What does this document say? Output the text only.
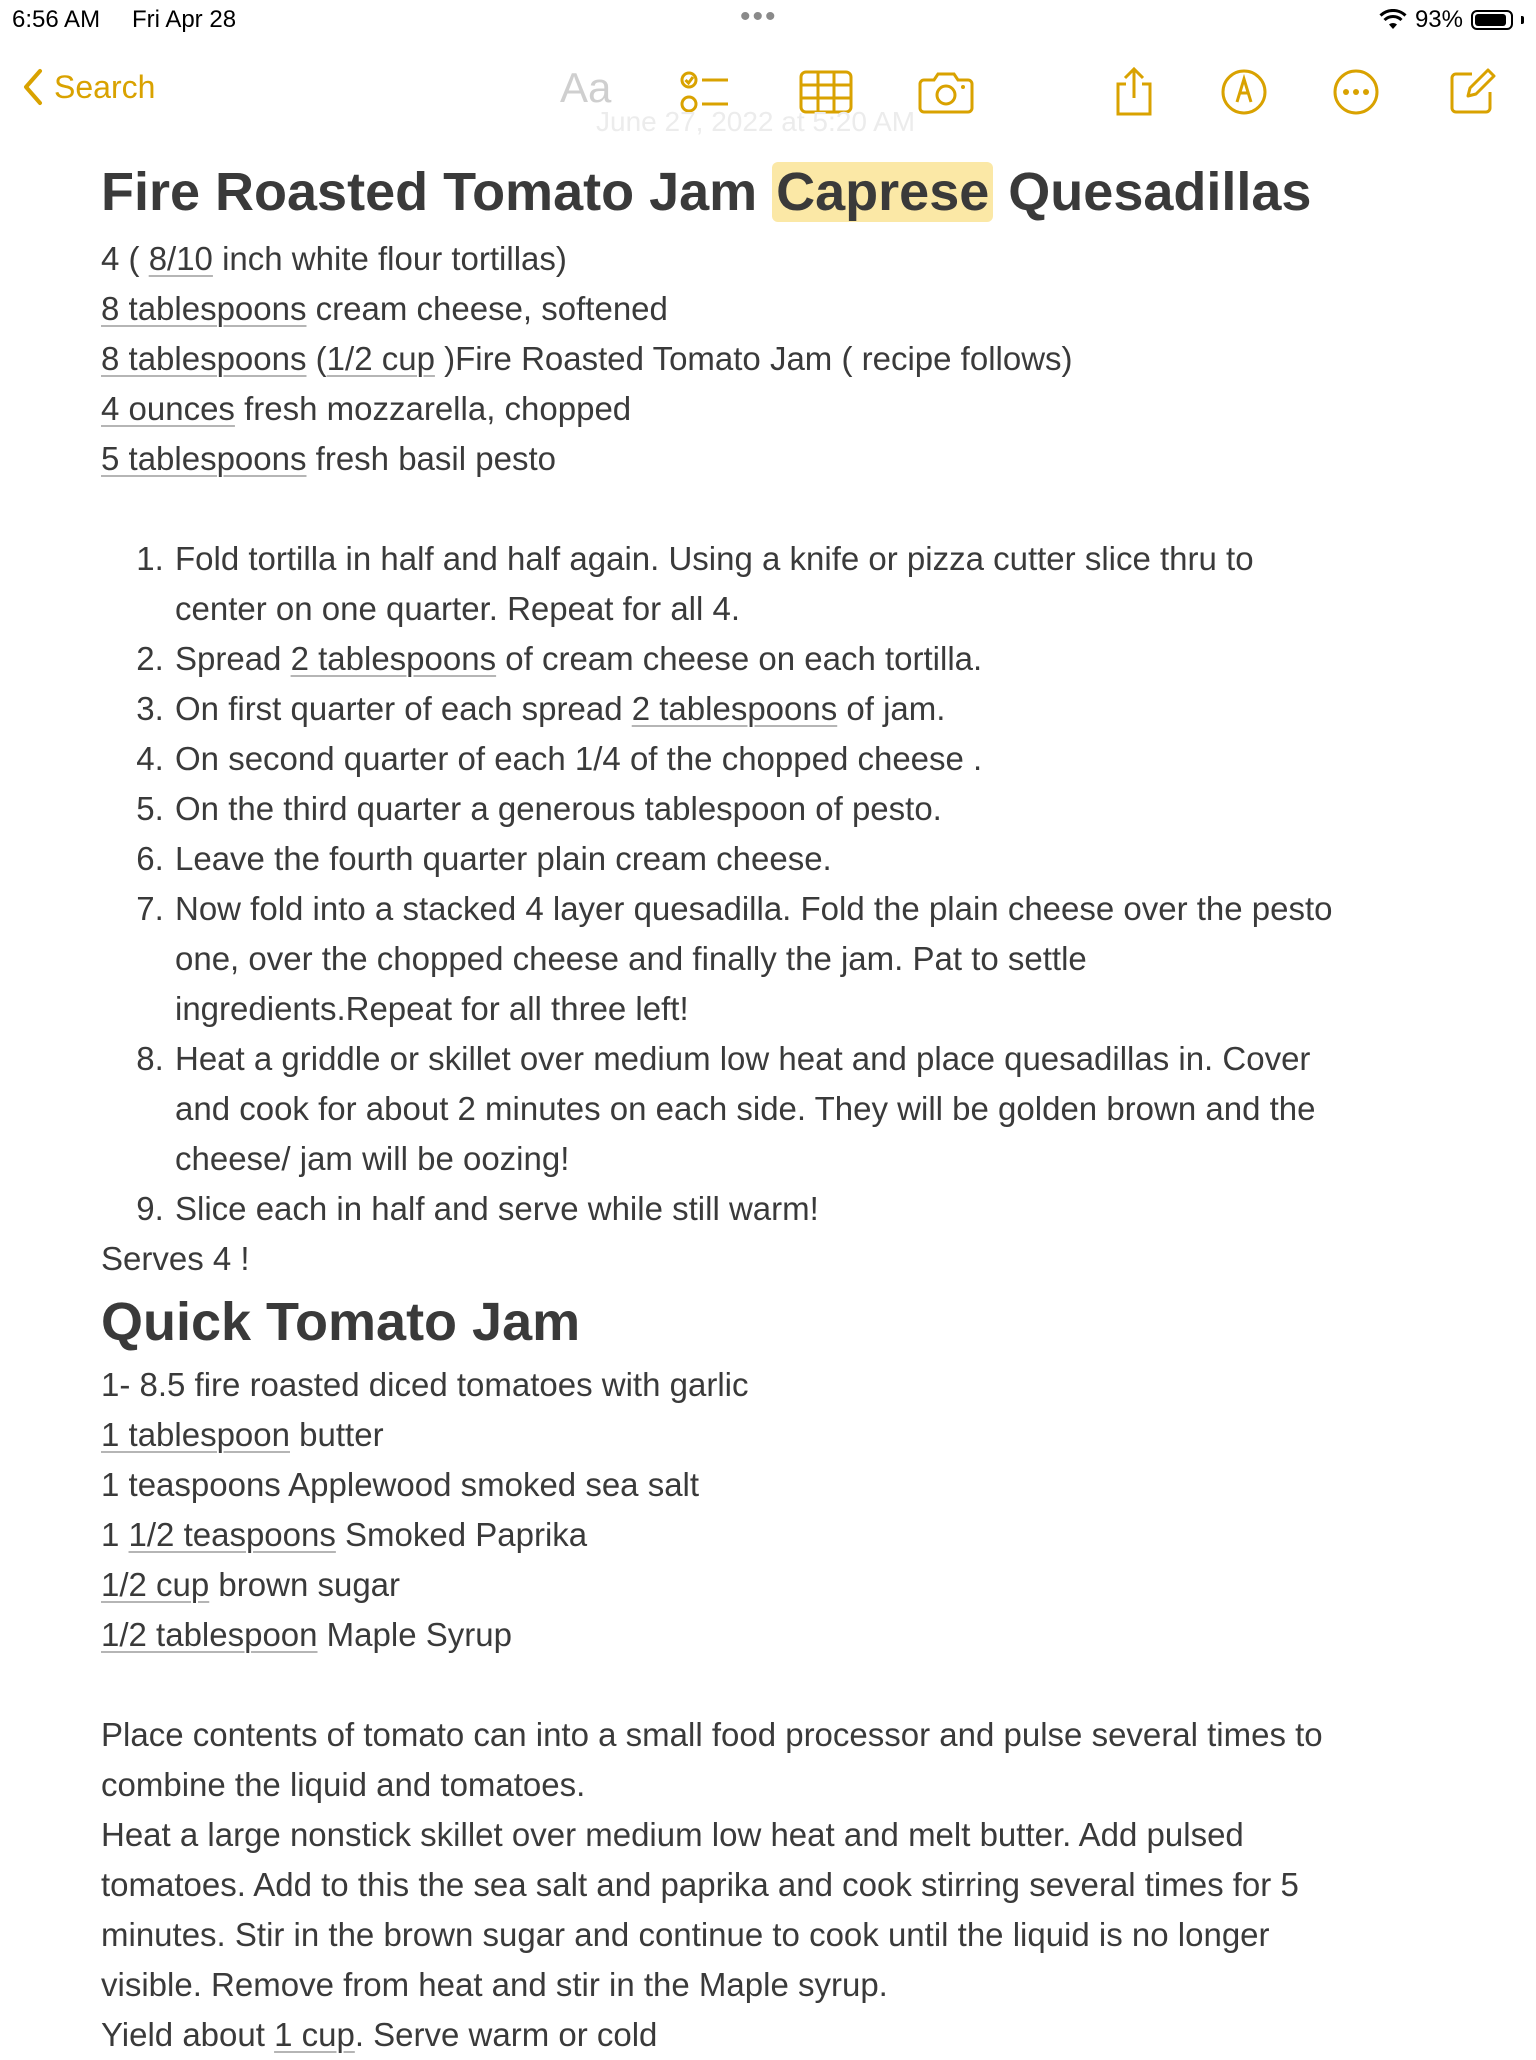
6:56 AM Fri Apr 28	•••	93%
Search	Aa
June 27, 2022 at 5:20 AM
Fire Roasted Tomato Jam Caprese Quesadillas
4 ( 8/10 inch white flour tortillas)
8 tablespoons cream cheese, softened
8 tablespoons (1/2 cup )Fire Roasted Tomato Jam ( recipe follows)
4 ounces fresh mozzarella, chopped
5 tablespoons fresh basil pesto
1. Fold tortilla in half and half again. Using a knife or pizza cutter slice thru to
center on one quarter. Repeat for all 4.
2. Spread 2 tablespoons of cream cheese on each tortilla.
3. On first quarter of each spread 2 tablespoons of jam.
4. On second quarter of each 1/4 of the chopped cheese .
5. On the third quarter a generous tablespoon of pesto.
6. Leave the fourth quarter plain cream cheese.
7. Now fold into a stacked 4 layer quesadilla. Fold the plain cheese over the pesto
one, over the chopped cheese and finally the jam. Pat to settle
ingredients.Repeat for all three left!
8. Heat a griddle or skillet over medium low heat and place quesadillas in. Cover
and cook for about 2 minutes on each side. They will be golden brown and the
cheese/ jam will be oozing!
9. Slice each in half and serve while still warm!
Serves 4 !
Quick Tomato Jam
1- 8.5 fire roasted diced tomatoes with garlic
1 tablespoon butter
1 teaspoons Applewood smoked sea salt
1 1/2 teaspoons Smoked Paprika
1/2 cup brown sugar
1/2 tablespoon Maple Syrup
Place contents of tomato can into a small food processor and pulse several times to
combine the liquid and tomatoes.
Heat a large nonstick skillet over medium low heat and melt butter. Add pulsed
tomatoes. Add to this the sea salt and paprika and cook stirring several times for 5
minutes. Stir in the brown sugar and continue to cook until the liquid is no longer
visible. Remove from heat and stir in the Maple syrup.
Yield about 1 cup. Serve warm or cold
